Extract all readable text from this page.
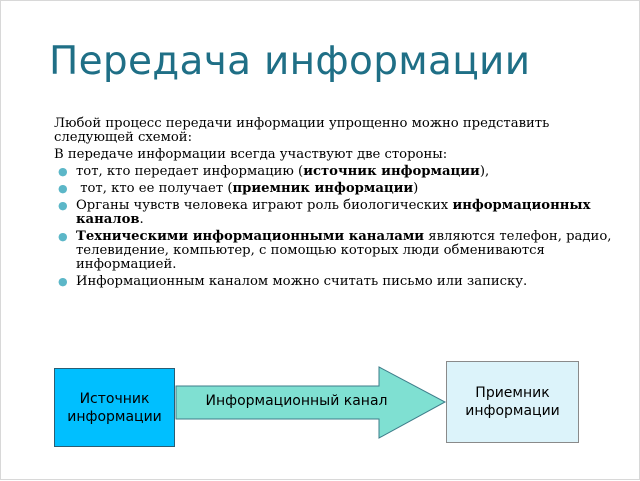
Передача информации

Любой процесс передачи информации упрощенно можно представить следующей схемой:

В передаче информации всегда участвуют две стороны:

● тот, кто передает информацию (источник информации),
● тот, кто ее получает (приемник информации)
● Органы чувств человека играют роль биологических информационных каналов.
● Техническими информационными каналами являются телефон, радио, телевидение, компьютер, с помощью которых люди обмениваются информацией.
● Информационным каналом можно считать письмо или записку.
Информационный канал
Источник информации
Приемник информации
